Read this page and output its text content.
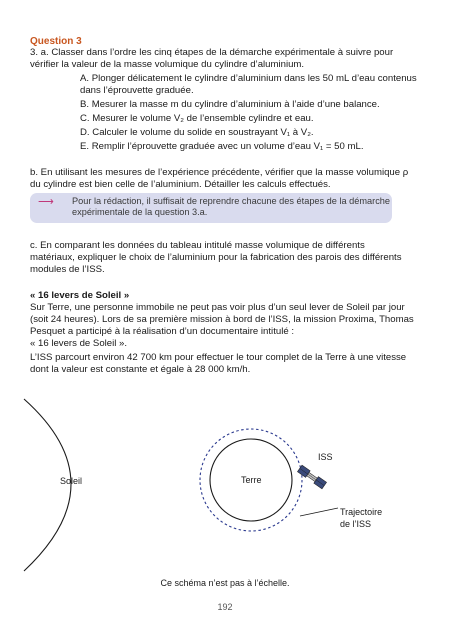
Question 3
3. a. Classer dans l’ordre les cinq étapes de la démarche expérimentale à suivre pour
vérifier la valeur de la masse volumique du cylindre d’aluminium.
A. Plonger délicatement le cylindre d’aluminium dans les 50 mL d’eau contenus
dans l’éprouvette graduée.
B. Mesurer la masse m du cylindre d’aluminium à l’aide d’une balance.
C. Mesurer le volume V₂ de l’ensemble cylindre et eau.
D. Calculer le volume du solide en soustrayant V₁ à V₂.
E. Remplir l’éprouvette graduée avec un volume d’eau V₁ = 50 mL.
b. En utilisant les mesures de l’expérience précédente, vérifier que la masse volumique ρ
du cylindre est bien celle de l’aluminium. Détailler les calculs effectués.
⟶ Pour la rédaction, il suffisait de reprendre chacune des étapes de la démarche
expérimentale de la question 3.a.
c. En comparant les données du tableau intitulé masse volumique de différents
matériaux, expliquer le choix de l’aluminium pour la fabrication des parois des différents
modules de l’ISS.
« 16 levers de Soleil »
Sur Terre, une personne immobile ne peut pas voir plus d’un seul lever de Soleil par jour
(soit 24 heures). Lors de sa première mission à bord de l’ISS, la mission Proxima, Thomas
Pesquet a participé à la réalisation d’un documentaire intitulé :
« 16 levers de Soleil ».
L’ISS parcourt environ 42 700 km pour effectuer le tour complet de la Terre à une vitesse
dont la valeur est constante et égale à 28 000 km/h.
Soleil	Terre
ISS
Trajectoire
de l’ISS
Ce schéma n’est pas à l’échelle.
192
